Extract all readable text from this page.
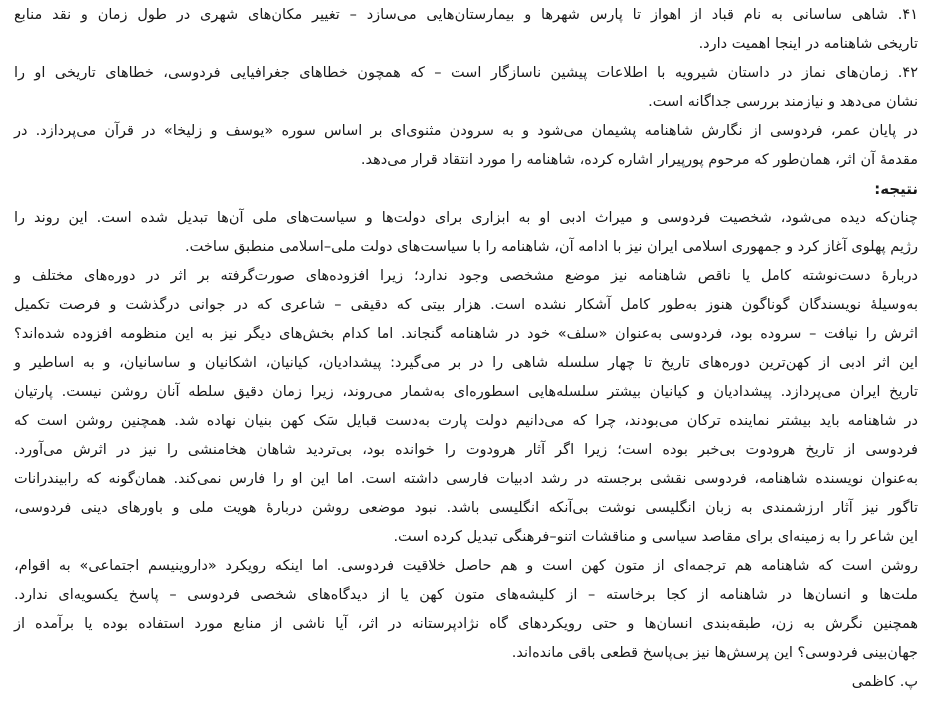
۴۱. شاهی ساسانی به نام قباد از اهواز تا پارس شهرها و بیمارستان‌هایی می‌سازد – تغییر مکان‌های شهری در طول زمان و نقد منابع
تاریخی شاهنامه در اینجا اهمیت دارد.
۴۲. زمان‌های نماز در داستان شیرویه با اطلاعات پیشین ناسازگار است – که همچون خطاهای جغرافیایی فردوسی، خطاهای تاریخی او را
نشان می‌دهد و نیازمند بررسی جداگانه است.
در پایان عمر، فردوسی از نگارش شاهنامه پشیمان می‌شود و به سرودن مثنوی‌ای بر اساس سوره «یوسف و زلیخا» در قرآن می‌پردازد. در
مقدمهٔ آن اثر، همان‌طور که مرحوم پورپیرار اشاره کرده، شاهنامه را مورد انتقاد قرار می‌دهد.
نتیجه:
چنان‌که دیده می‌شود، شخصیت فردوسی و میراث ادبی او به ابزاری برای دولت‌ها و سیاست‌های ملی آن‌ها تبدیل شده است. این روند را
رژیم پهلوی آغاز کرد و جمهوری اسلامی ایران نیز با ادامه آن، شاهنامه را با سیاست‌های دولت ملی–اسلامی منطبق ساخت.
دربارهٔ دست‌نوشته کامل یا ناقص شاهنامه نیز موضع مشخصی وجود ندارد؛ زیرا افزوده‌های صورت‌گرفته بر اثر در دوره‌های مختلف و
به‌وسیلهٔ نویسندگان گوناگون هنوز به‌طور کامل آشکار نشده است. هزار بیتی که دقیقی – شاعری که در جوانی درگذشت و فرصت تکمیل
اثرش را نیافت – سروده بود، فردوسی به‌عنوان «سلف» خود در شاهنامه گنجاند. اما کدام بخش‌های دیگر نیز به این منظومه افزوده شده‌اند؟
این اثر ادبی از کهن‌ترین دوره‌های تاریخ تا چهار سلسله شاهی را در بر می‌گیرد: پیشدادیان، کیانیان، اشکانیان و ساسانیان، و به اساطیر و
تاریخ ایران می‌پردازد. پیشدادیان و کیانیان بیشتر سلسله‌هایی اسطوره‌ای به‌شمار می‌روند، زیرا زمان دقیق سلطه آنان روشن نیست. پارتیان
در شاهنامه باید بیشتر نماینده ترکان می‌بودند، چرا که می‌دانیم دولت پارت به‌دست قبایل سَک کهن بنیان نهاده شد. همچنین روشن است که
فردوسی از تاریخ هرودوت بی‌خبر بوده است؛ زیرا اگر آثار هرودوت را خوانده بود، بی‌تردید شاهان هخامنشی را نیز در اثرش می‌آورد.
به‌عنوان نویسنده شاهنامه، فردوسی نقشی برجسته در رشد ادبیات فارسی داشته است. اما این او را فارس نمی‌کند. همان‌گونه که رابیندرانات
تاگور نیز آثار ارزشمندی به زبان انگلیسی نوشت بی‌آنکه انگلیسی باشد. نبود موضعی روشن دربارهٔ هویت ملی و باورهای دینی فردوسی،
این شاعر را به زمینه‌ای برای مقاصد سیاسی و مناقشات اتنو–فرهنگی تبدیل کرده است.
روشن است که شاهنامه هم ترجمه‌ای از متون کهن است و هم حاصل خلاقیت فردوسی. اما اینکه رویکرد «داروینیسم اجتماعی» به اقوام،
ملت‌ها و انسان‌ها در شاهنامه از کجا برخاسته – از کلیشه‌های متون کهن یا از دیدگاه‌های شخصی فردوسی – پاسخ یکسویه‌ای ندارد.
همچنین نگرش به زن، طبقه‌بندی انسان‌ها و حتی رویکردهای گاه نژادپرستانه در اثر، آیا ناشی از منابع مورد استفاده بوده یا برآمده از
جهان‌بینی فردوسی؟ این پرسش‌ها نیز بی‌پاسخ قطعی باقی مانده‌اند.
پ. کاظمی
